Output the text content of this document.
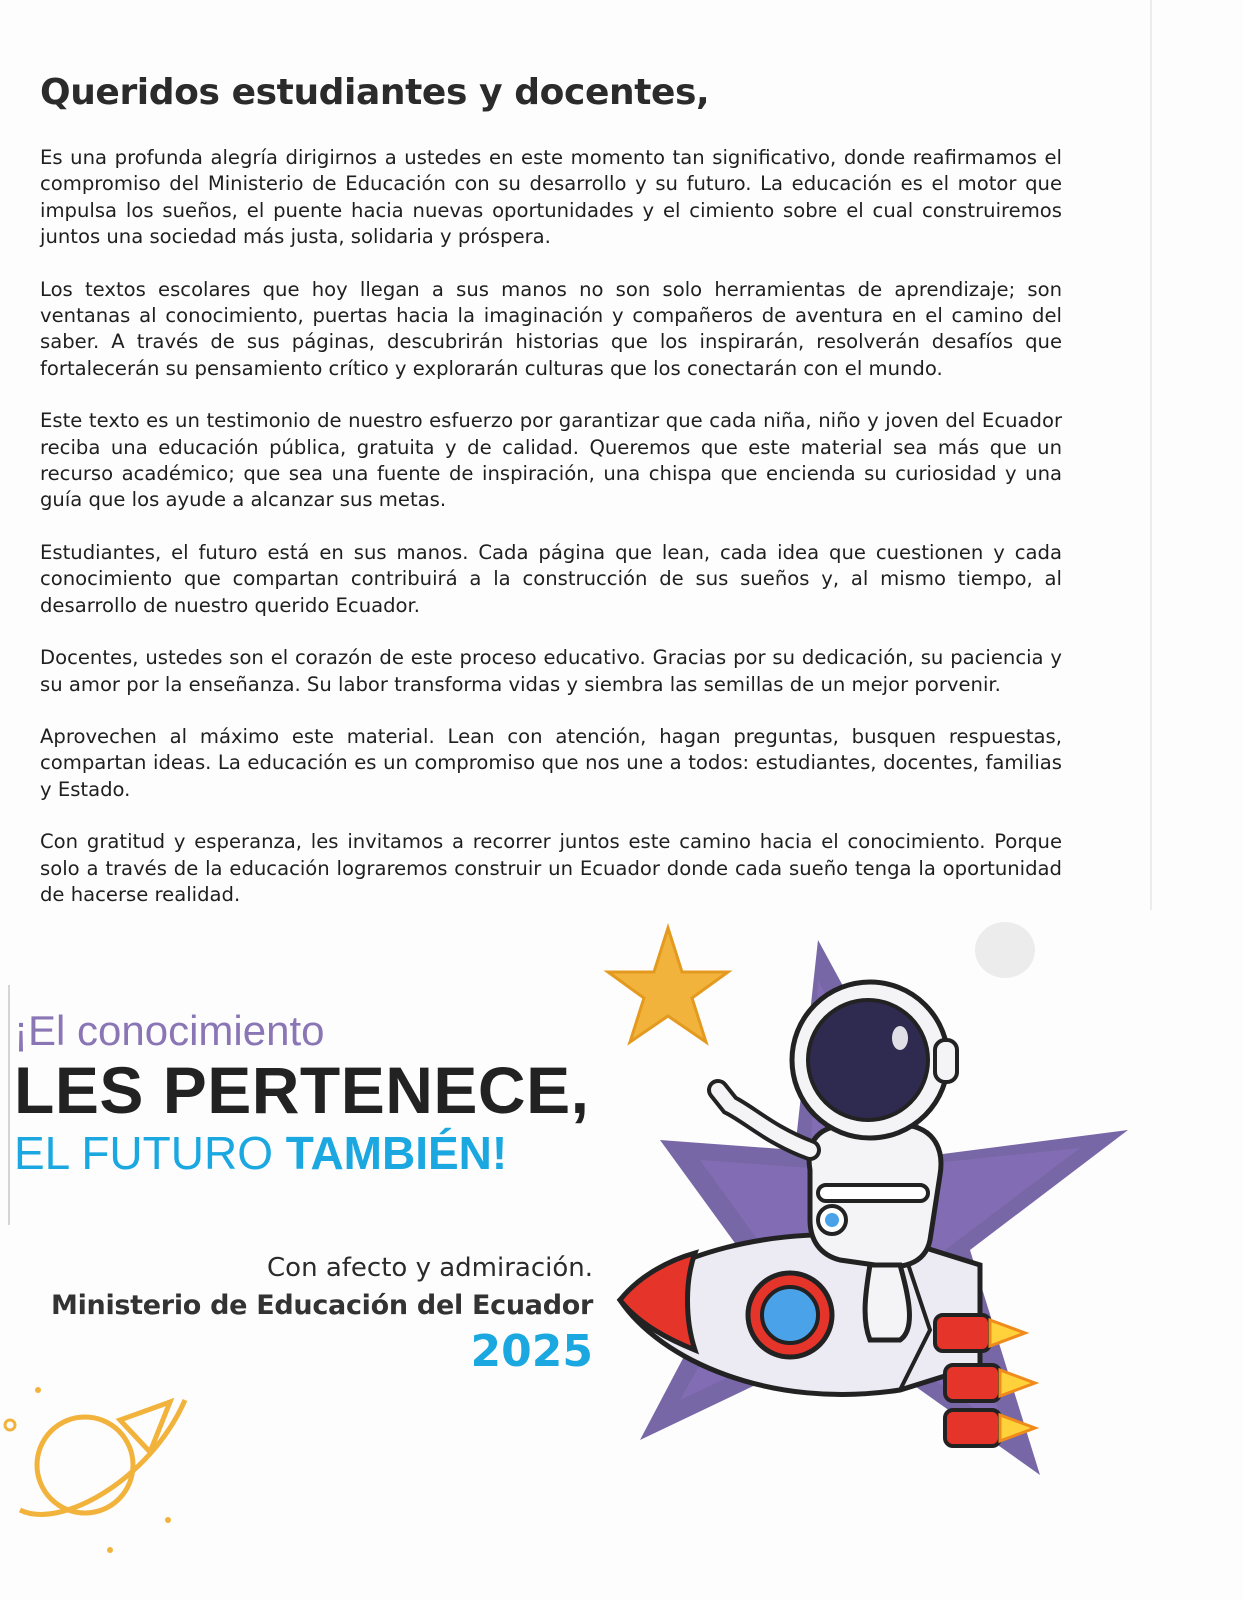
Queridos estudiantes y docentes,

Es una profunda alegría dirigirnos a ustedes en este momento tan significativo, donde reafirmamos el compromiso del Ministerio de Educación con su desarrollo y su futuro. La educación es el motor que impulsa los sueños, el puente hacia nuevas oportunidades y el cimiento sobre el cual construiremos juntos una sociedad más justa, solidaria y próspera.

Los textos escolares que hoy llegan a sus manos no son solo herramientas de aprendizaje; son ventanas al conocimiento, puertas hacia la imaginación y compañeros de aventura en el camino del saber. A través de sus páginas, descubrirán historias que los inspirarán, resolverán desafíos que fortalecerán su pensamiento crítico y explorarán culturas que los conectarán con el mundo.

Este texto es un testimonio de nuestro esfuerzo por garantizar que cada niña, niño y joven del Ecuador reciba una educación pública, gratuita y de calidad. Queremos que este material sea más que un recurso académico; que sea una fuente de inspiración, una chispa que encienda su curiosidad y una guía que los ayude a alcanzar sus metas.

Estudiantes, el futuro está en sus manos. Cada página que lean, cada idea que cuestionen y cada conocimiento que compartan contribuirá a la construcción de sus sueños y, al mismo tiempo, al desarrollo de nuestro querido Ecuador.

Docentes, ustedes son el corazón de este proceso educativo. Gracias por su dedicación, su paciencia y su amor por la enseñanza. Su labor transforma vidas y siembra las semillas de un mejor porvenir.

Aprovechen al máximo este material. Lean con atención, hagan preguntas, busquen respuestas, compartan ideas. La educación es un compromiso que nos une a todos: estudiantes, docentes, familias y Estado.

Con gratitud y esperanza, les invitamos a recorrer juntos este camino hacia el conocimiento. Porque solo a través de la educación lograremos construir un Ecuador donde cada sueño tenga la oportunidad de hacerse realidad.

¡El conocimiento
LES PERTENECE,
EL FUTURO TAMBIÉN!
Con afecto y admiración.
Ministerio de Educación del Ecuador
2025
